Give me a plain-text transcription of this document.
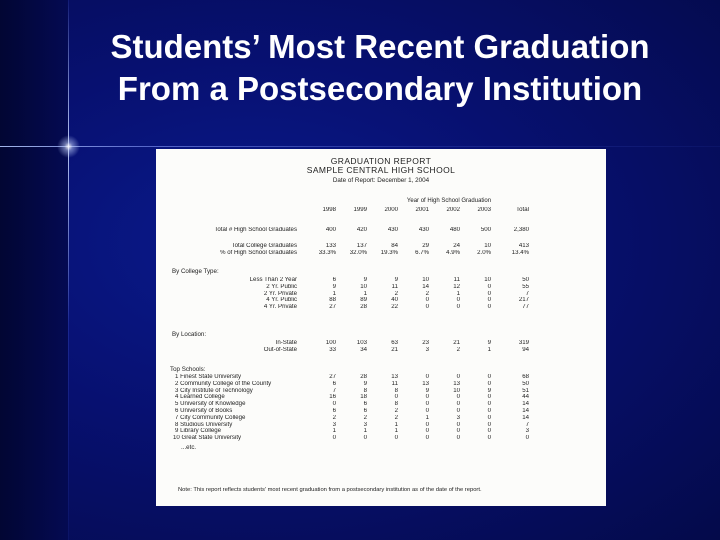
Students’ Most Recent Graduation
From a Postsecondary Institution

GRADUATION REPORT

SAMPLE CENTRAL HIGH SCHOOL

Date of Report: December 1, 2004

Year of High School Graduation
		1998	1999	2000	2001	2002	2003	Total
Total # High School Graduates		400	420	430	430	480	500	2,380
Total College Graduates		133	137	84	29	24	10	413
% of High School Graduates		33.3%	32.0%	19.3%	6.7%	4.9%	2.0%	13.4%
By College Type:
Less Than 2 Year		6	9	9	10	11	10	50
2 Yr. Public		9	10	11	14	12	0	55
2 Yr. Private		1	1	2	2	1	0	7
4 Yr. Public		88	89	40	0	0	0	217
4 Yr. Private		27	28	22	0	0	0	77
By Location:
In-State		100	103	63	23	21	9	319
Out-of-State		33	34	21	3	2	1	94
Top Schools:
1 Finest State University		27	28	13	0	0	0	68
2 Community College of the County		6	9	11	13	13	0	50
3 City Institute of Technology		7	8	8	9	10	9	51
4 Learned College		16	18	0	0	0	0	44
5 University of Knowledge		0	6	8	0	0	0	14
6 University of Books		6	6	2	0	0	0	14
7 City Community College		2	2	2	1	3	0	14
8 Studious University		3	3	1	0	0	0	7
9 Library College		1	1	1	0	0	0	3
10 Great State University		0	0	0	0	0	0	0
...etc.
Note: This report reflects students' most recent graduation from a postsecondary institution as of the date of the report.
